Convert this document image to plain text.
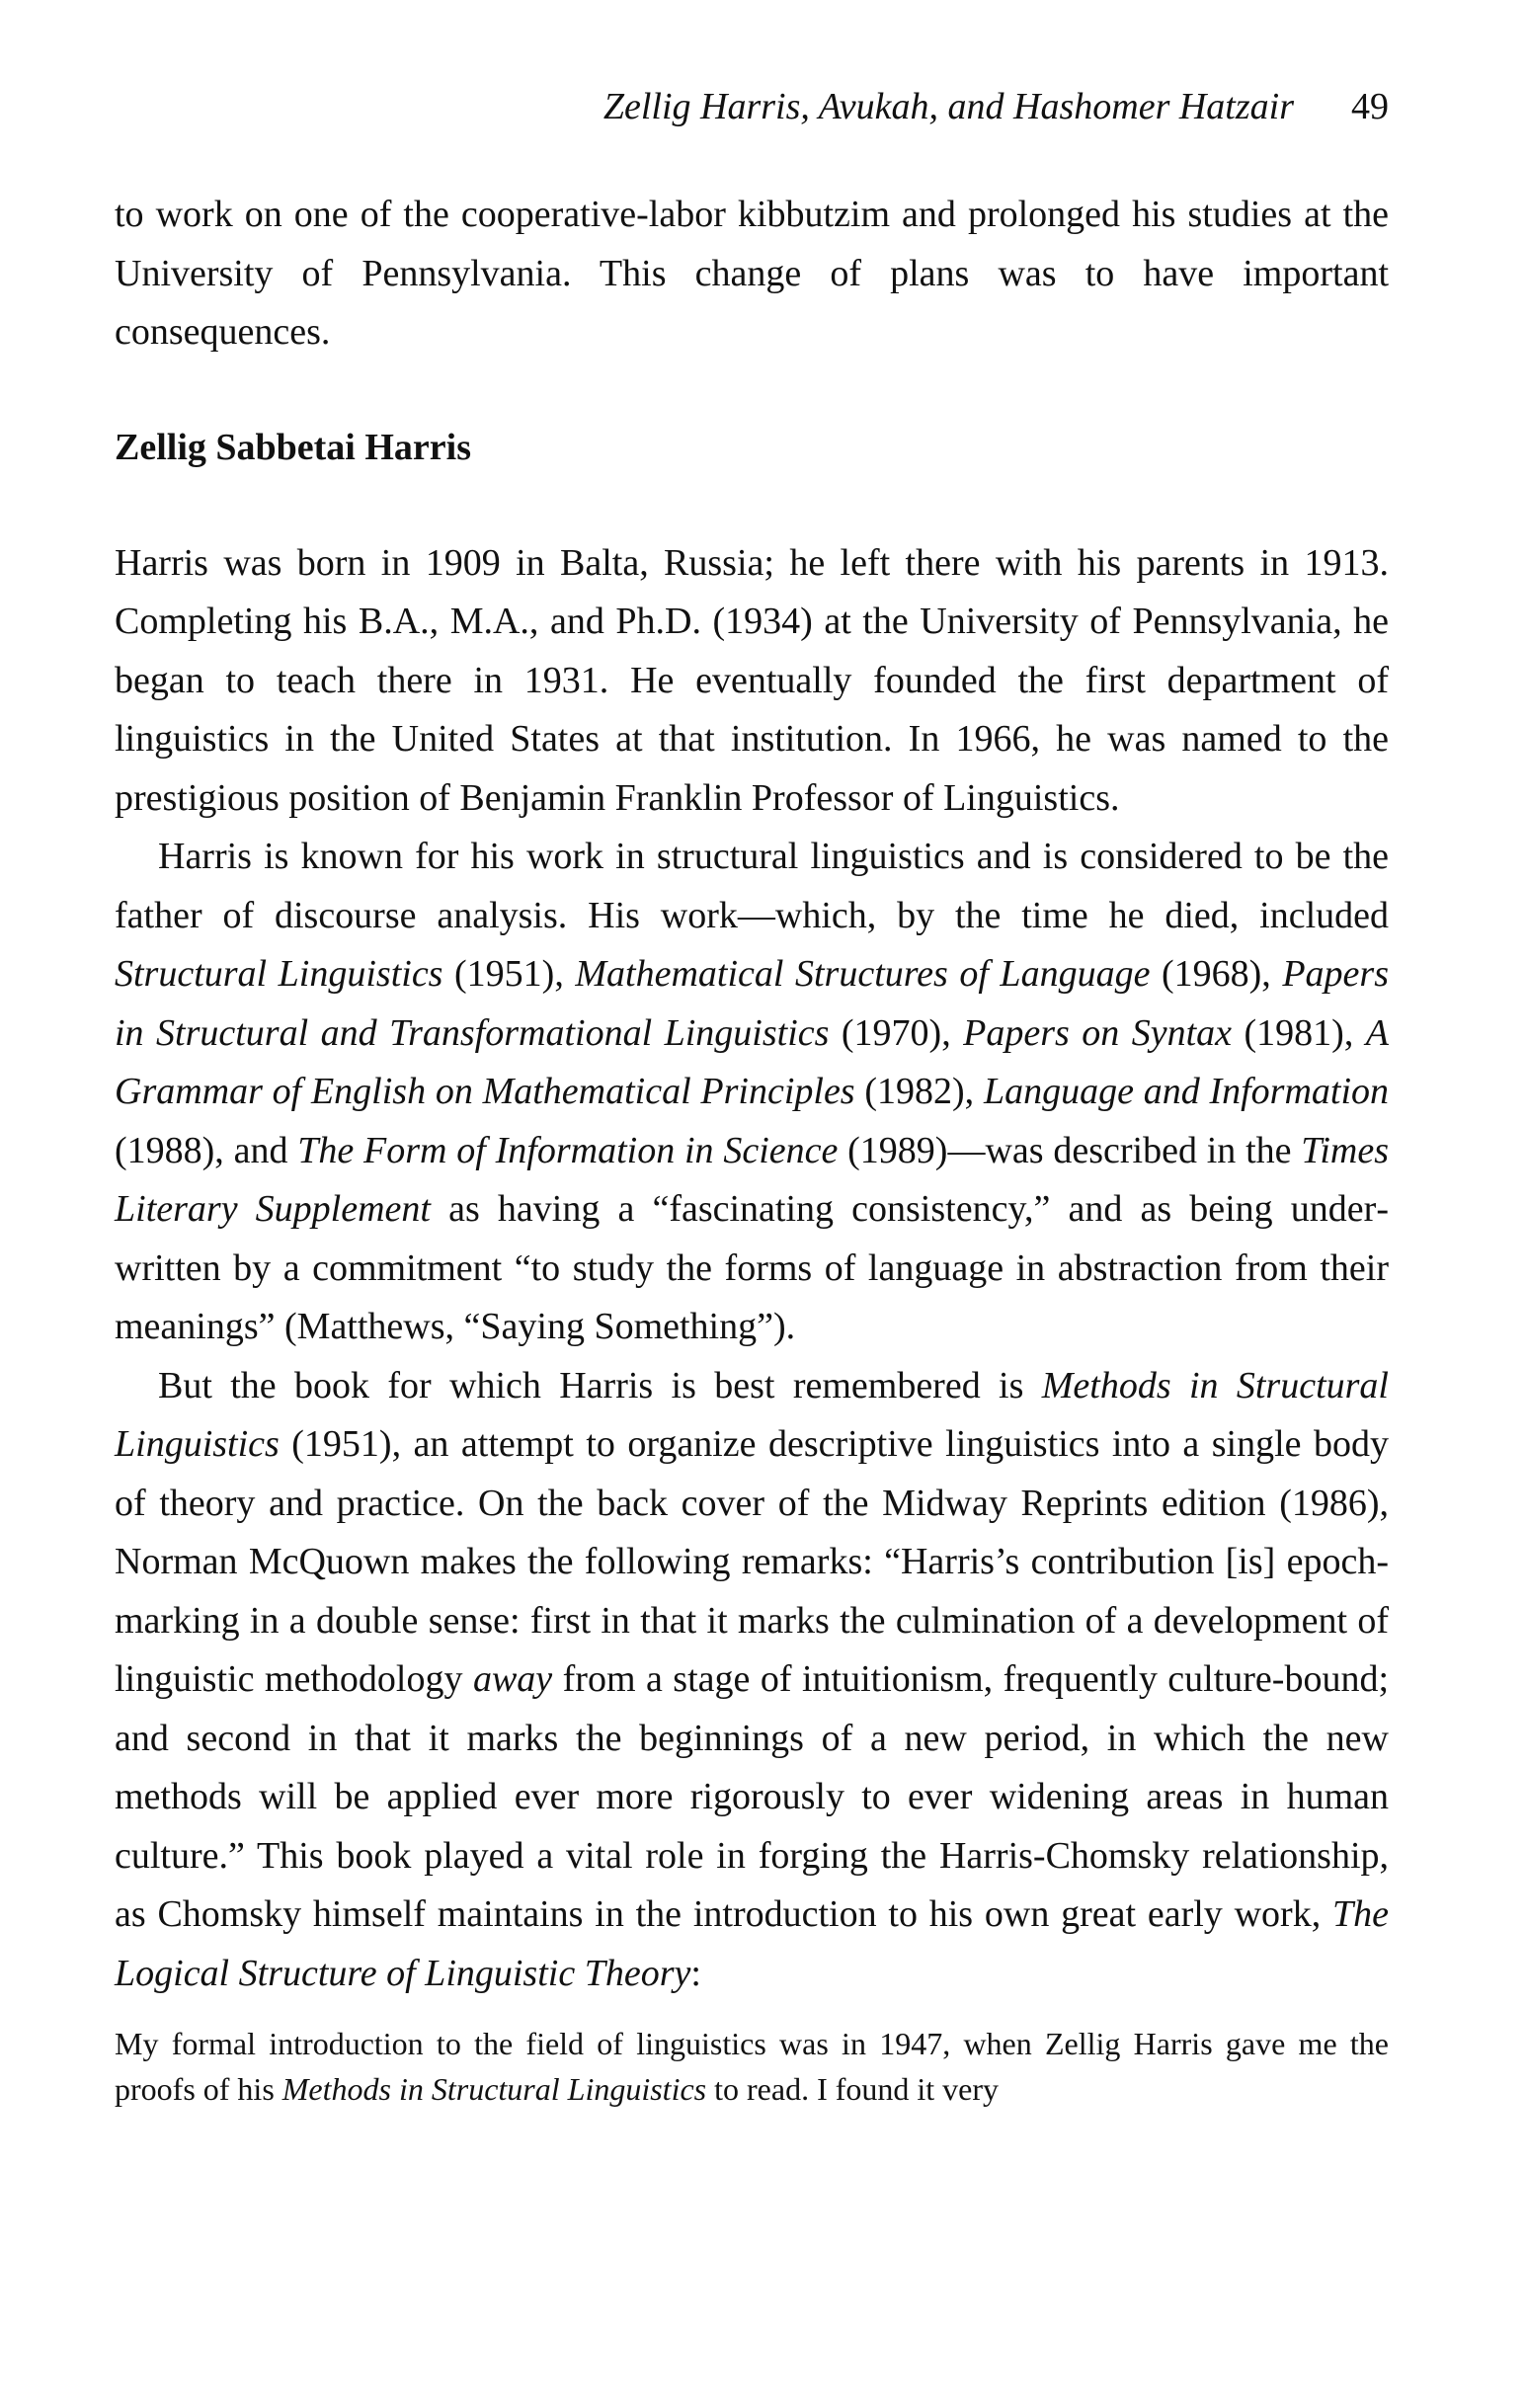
Zellig Harris, Avukah, and Hashomer Hatzair 49

to work on one of the cooperative-labor kibbutzim and prolonged his studies at the University of Pennsylvania. This change of plans was to have important consequences.

Zellig Sabbetai Harris

Harris was born in 1909 in Balta, Russia; he left there with his parents in 1913. Completing his B.A., M.A., and Ph.D. (1934) at the University of Pennsylvania, he began to teach there in 1931. He eventually founded the first department of linguistics in the United States at that institution. In 1966, he was named to the prestigious position of Benjamin Franklin Professor of Linguistics.

Harris is known for his work in structural linguistics and is considered to be the father of discourse analysis. His work—which, by the time he died, included Structural Linguistics (1951), Mathematical Structures of Language (1968), Papers in Structural and Transformational Linguistics (1970), Papers on Syntax (1981), A Grammar of English on Mathematical Principles (1982), Language and Information (1988), and The Form of Information in Science (1989)—was described in the Times Literary Supplement as having a “fascinating consistency,” and as being underwritten by a commitment “to study the forms of language in abstraction from their meanings” (Matthews, “Saying Something”).

But the book for which Harris is best remembered is Methods in Structural Linguistics (1951), an attempt to organize descriptive linguistics into a single body of theory and practice. On the back cover of the Midway Reprints edition (1986), Norman McQuown makes the following remarks: “Harris’s contribution [is] epoch-marking in a double sense: first in that it marks the culmination of a development of linguistic methodology away from a stage of intuitionism, frequently culture-bound; and second in that it marks the beginnings of a new period, in which the new methods will be applied ever more rigorously to ever widening areas in human culture.” This book played a vital role in forging the Harris-Chomsky relationship, as Chomsky himself maintains in the introduction to his own great early work, The Logical Structure of Linguistic Theory:

My formal introduction to the field of linguistics was in 1947, when Zellig Harris gave me the proofs of his Methods in Structural Linguistics to read. I found it very
